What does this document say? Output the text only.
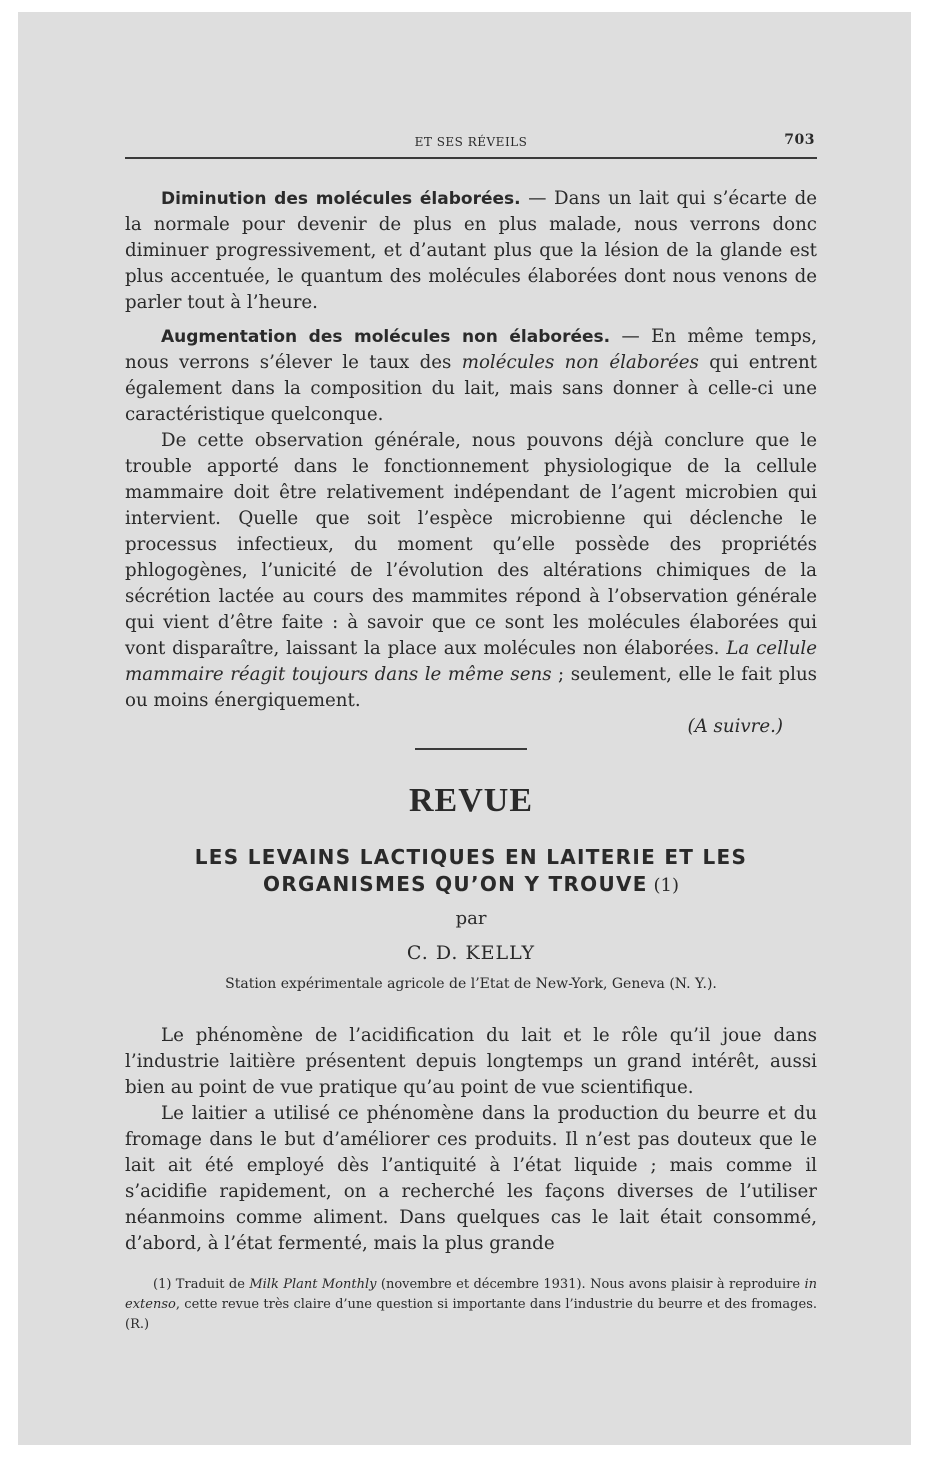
ET SES RÉVEILS	703

Diminution des molécules élaborées. — Dans un lait qui s’écarte de la normale pour devenir de plus en plus malade, nous verrons donc diminuer progressivement, et d’autant plus que la lésion de la glande est plus accentuée, le quantum des molécules élaborées dont nous venons de parler tout à l’heure.

Augmentation des molécules non élaborées. — En même temps, nous verrons s’élever le taux des molécules non élaborées qui entrent également dans la composition du lait, mais sans donner à celle-ci une caractéristique quelconque.

De cette observation générale, nous pouvons déjà conclure que le trouble apporté dans le fonctionnement physiologique de la cellule mammaire doit être relativement indépendant de l’agent microbien qui intervient. Quelle que soit l’espèce microbienne qui déclenche le processus infectieux, du moment qu’elle possède des propriétés phlogogènes, l’unicité de l’évolution des altérations chimiques de la sécrétion lactée au cours des mammites répond à l’observation générale qui vient d’être faite : à savoir que ce sont les molécules élaborées qui vont disparaître, laissant la place aux molécules non élaborées. La cellule mammaire réagit toujours dans le même sens ; seulement, elle le fait plus ou moins énergiquement.

(A suivre.)
REVUE
LES LEVAINS LACTIQUES EN LAITERIE ET LES
ORGANISMES QU’ON Y TROUVE (1)
par
C. D. KELLY
Station expérimentale agricole de l’Etat de New-York, Geneva (N. Y.).

Le phénomène de l’acidification du lait et le rôle qu’il joue dans l’industrie laitière présentent depuis longtemps un grand intérêt, aussi bien au point de vue pratique qu’au point de vue scientifique.

Le laitier a utilisé ce phénomène dans la production du beurre et du fromage dans le but d’améliorer ces produits. Il n’est pas douteux que le lait ait été employé dès l’antiquité à l’état liquide ; mais comme il s’acidifie rapidement, on a recherché les façons diverses de l’utiliser néanmoins comme aliment. Dans quelques cas le lait était consommé, d’abord, à l’état fermenté, mais la plus grande

(1) Traduit de Milk Plant Monthly (novembre et décembre 1931). Nous avons plaisir à reproduire in extenso, cette revue très claire d’une question si importante dans l’industrie du beurre et des fromages. (R.)
